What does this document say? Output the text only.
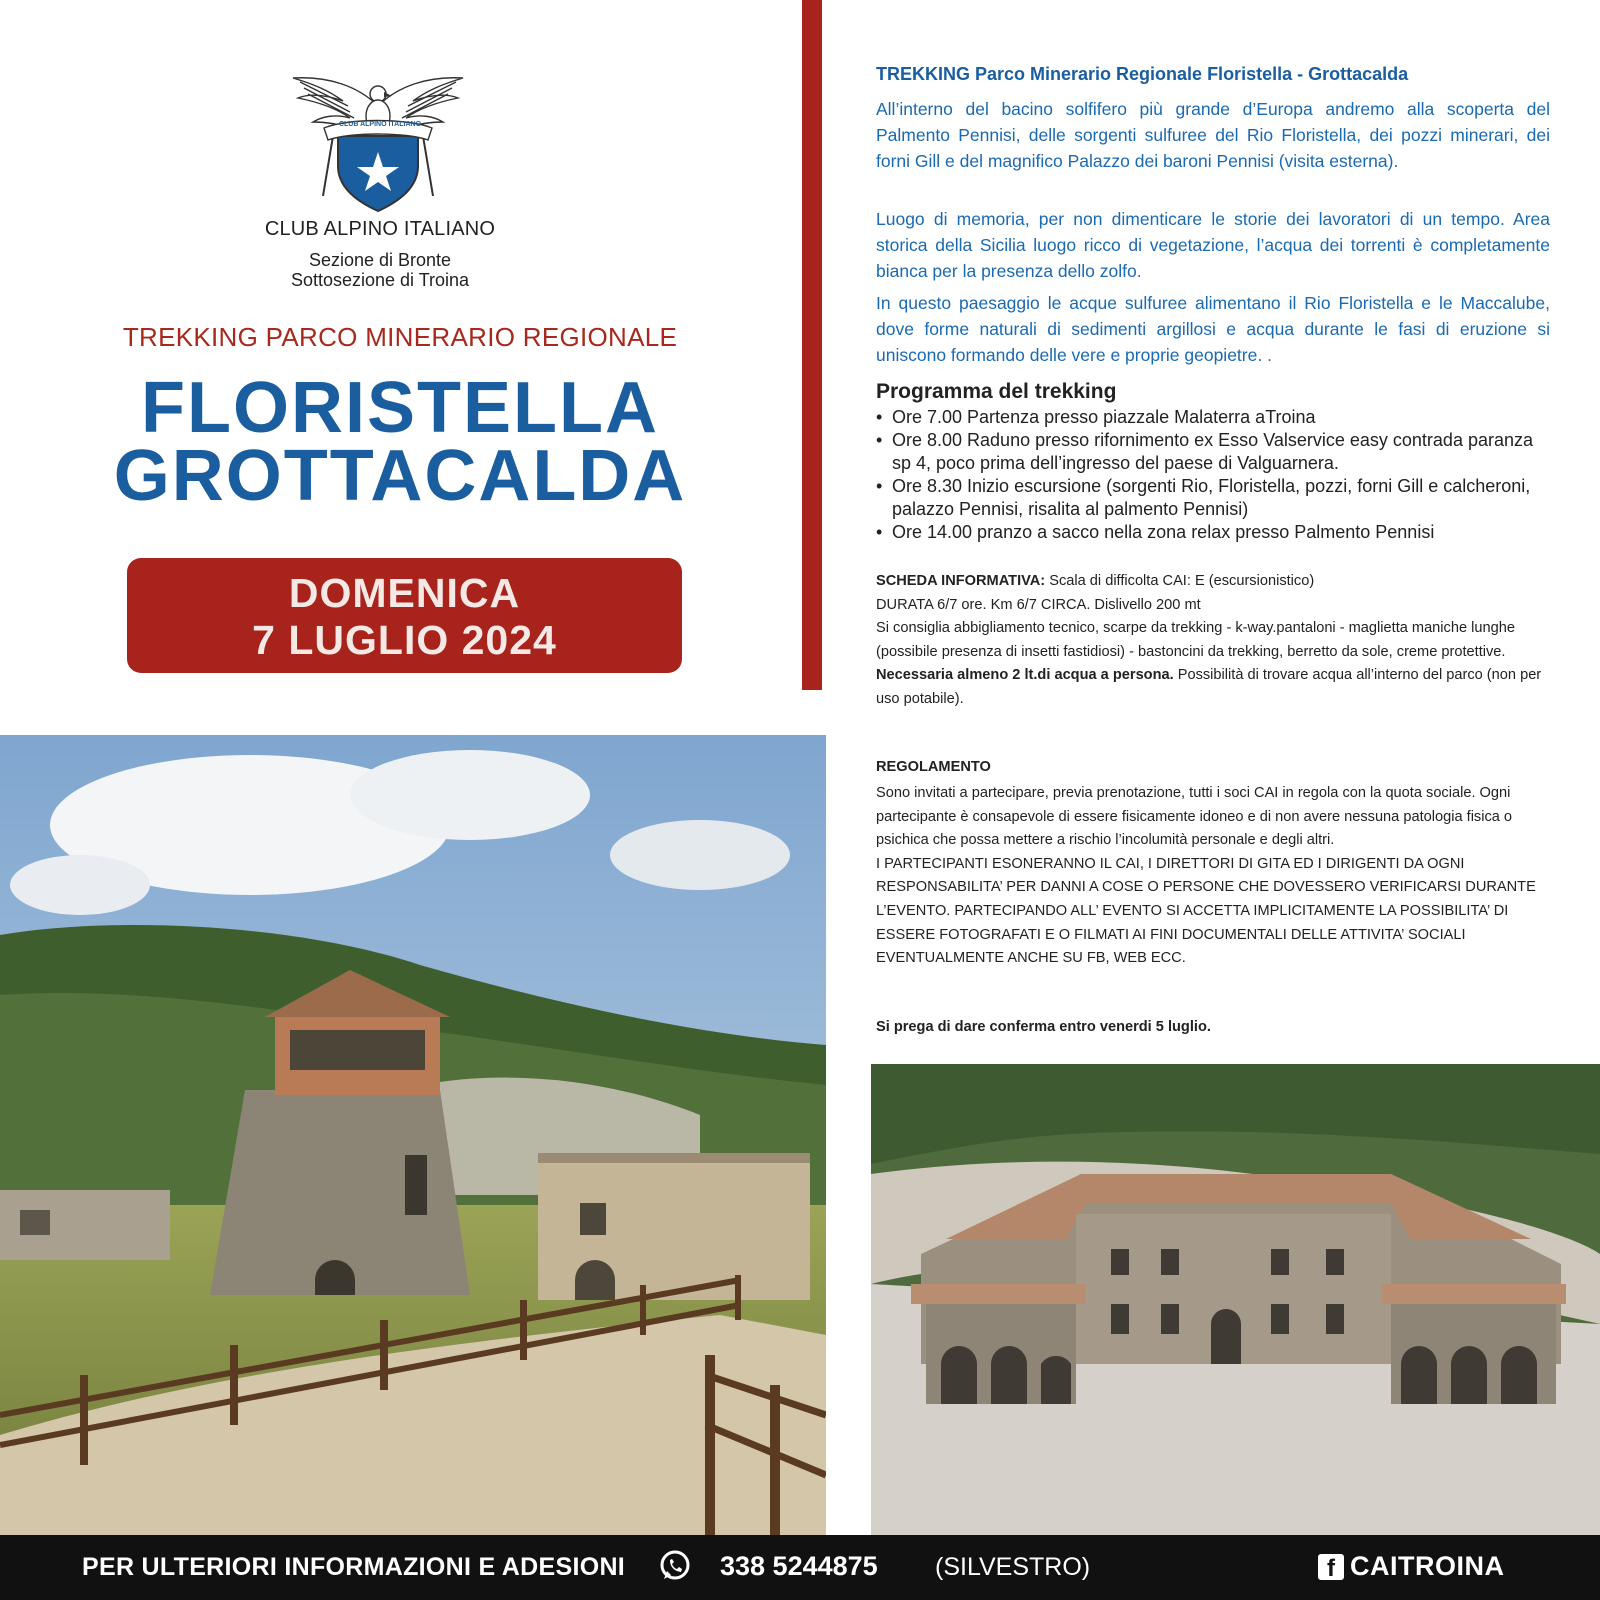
CLUB ALPINO ITALIANO
CLUB ALPINO ITALIANO
Sezione di Bronte
Sottosezione di Troina
TREKKING PARCO MINERARIO REGIONALE
FLORISTELLA
GROTTACALDA
DOMENICA
7 LUGLIO 2024
TREKKING Parco Minerario Regionale Floristella - Grottacalda

All’interno del bacino solfifero più grande d’Europa andremo alla scoperta del Palmento Pennisi, delle sorgenti sulfuree del Rio Floristella, dei pozzi minerari, dei forni Gill e del magnifico Palazzo dei baroni Pennisi (visita esterna).

Luogo di memoria, per non dimenticare le storie dei lavoratori di un tempo. Area storica della Sicilia luogo ricco di vegetazione, l’acqua dei torrenti è completamente bianca per la presenza dello zolfo.

In questo paesaggio le acque sulfuree alimentano il Rio Floristella e le Maccalube, dove forme naturali di sedimenti argillosi e acqua durante le fasi di eruzione si uniscono formando delle vere e proprie geopietre. .

Programma del trekking
• Ore 7.00 Partenza presso piazzale Malaterra aTroina
• Ore 8.00 Raduno presso rifornimento ex Esso Valservice easy contrada paranza sp 4, poco prima dell’ingresso del paese di Valguarnera.
• Ore 8.30 Inizio escursione (sorgenti Rio, Floristella, pozzi, forni Gill e calcheroni, palazzo Pennisi, risalita al palmento Pennisi)
• Ore 14.00 pranzo a sacco nella zona relax presso Palmento Pennisi
SCHEDA INFORMATIVA: Scala di difficolta CAI: E (escursionistico)
DURATA 6/7 ore. Km 6/7 CIRCA. Dislivello 200 mt
Si consiglia abbigliamento tecnico, scarpe da trekking - k-way.pantaloni - maglietta maniche lunghe (possibile presenza di insetti fastidiosi) - bastoncini da trekking, berretto da sole, creme protettive.
Necessaria almeno 2 lt.di acqua a persona. Possibilità di trovare acqua all’interno del parco (non per uso potabile).
REGOLAMENTO
Sono invitati a partecipare, previa prenotazione, tutti i soci CAI in regola con la quota sociale. Ogni partecipante è consapevole di essere fisicamente idoneo e di non avere nessuna patologia fisica o psichica che possa mettere a rischio l’incolumità personale e degli altri.
I PARTECIPANTI ESONERANNO IL CAI, I DIRETTORI DI GITA ED I DIRIGENTI DA OGNI RESPONSABILITA’ PER DANNI A COSE O PERSONE CHE DOVESSERO VERIFICARSI DURANTE L’EVENTO. PARTECIPANDO ALL’ EVENTO SI ACCETTA IMPLICITAMENTE LA POSSIBILITA’ DI ESSERE FOTOGRAFATI E O FILMATI AI FINI DOCUMENTALI DELLE ATTIVITA’ SOCIALI EVENTUALMENTE ANCHE SU FB, WEB ECC.
Si prega di dare conferma entro venerdi 5 luglio.
PER ULTERIORI INFORMAZIONI E ADESIONI	338 5244875 (SILVESTRO)	f CAITROINA
